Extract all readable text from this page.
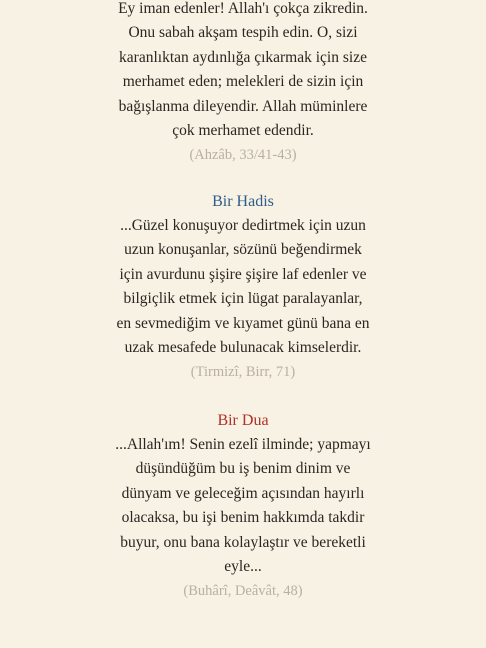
Ey iman edenler! Allah'ı çokça zikredin.
Onu sabah akşam tespih edin. O, sizi
karanlıktan aydınlığa çıkarmak için size
merhamet eden; melekleri de sizin için
bağışlanma dileyendir. Allah müminlere
çok merhamet edendir.

(Ahzâb, 33/41-43)

Bir Hadis

...Güzel konuşuyor dedirtmek için uzun
uzun konuşanlar, sözünü beğendirmek
için avurdunu şişire şişire laf edenler ve
bilgiçlik etmek için lügat paralayanlar,
en sevmediğim ve kıyamet günü bana en
uzak mesafede bulunacak kimselerdir.

(Tirmizî, Birr, 71)

Bir Dua

...Allah'ım! Senin ezelî ilminde; yapmayı
düşündüğüm bu iş benim dinim ve
dünyam ve geleceğim açısından hayırlı
olacaksa, bu işi benim hakkımda takdir
buyur, onu bana kolaylaştır ve bereketli
eyle...

(Buhârî, Deâvât, 48)
